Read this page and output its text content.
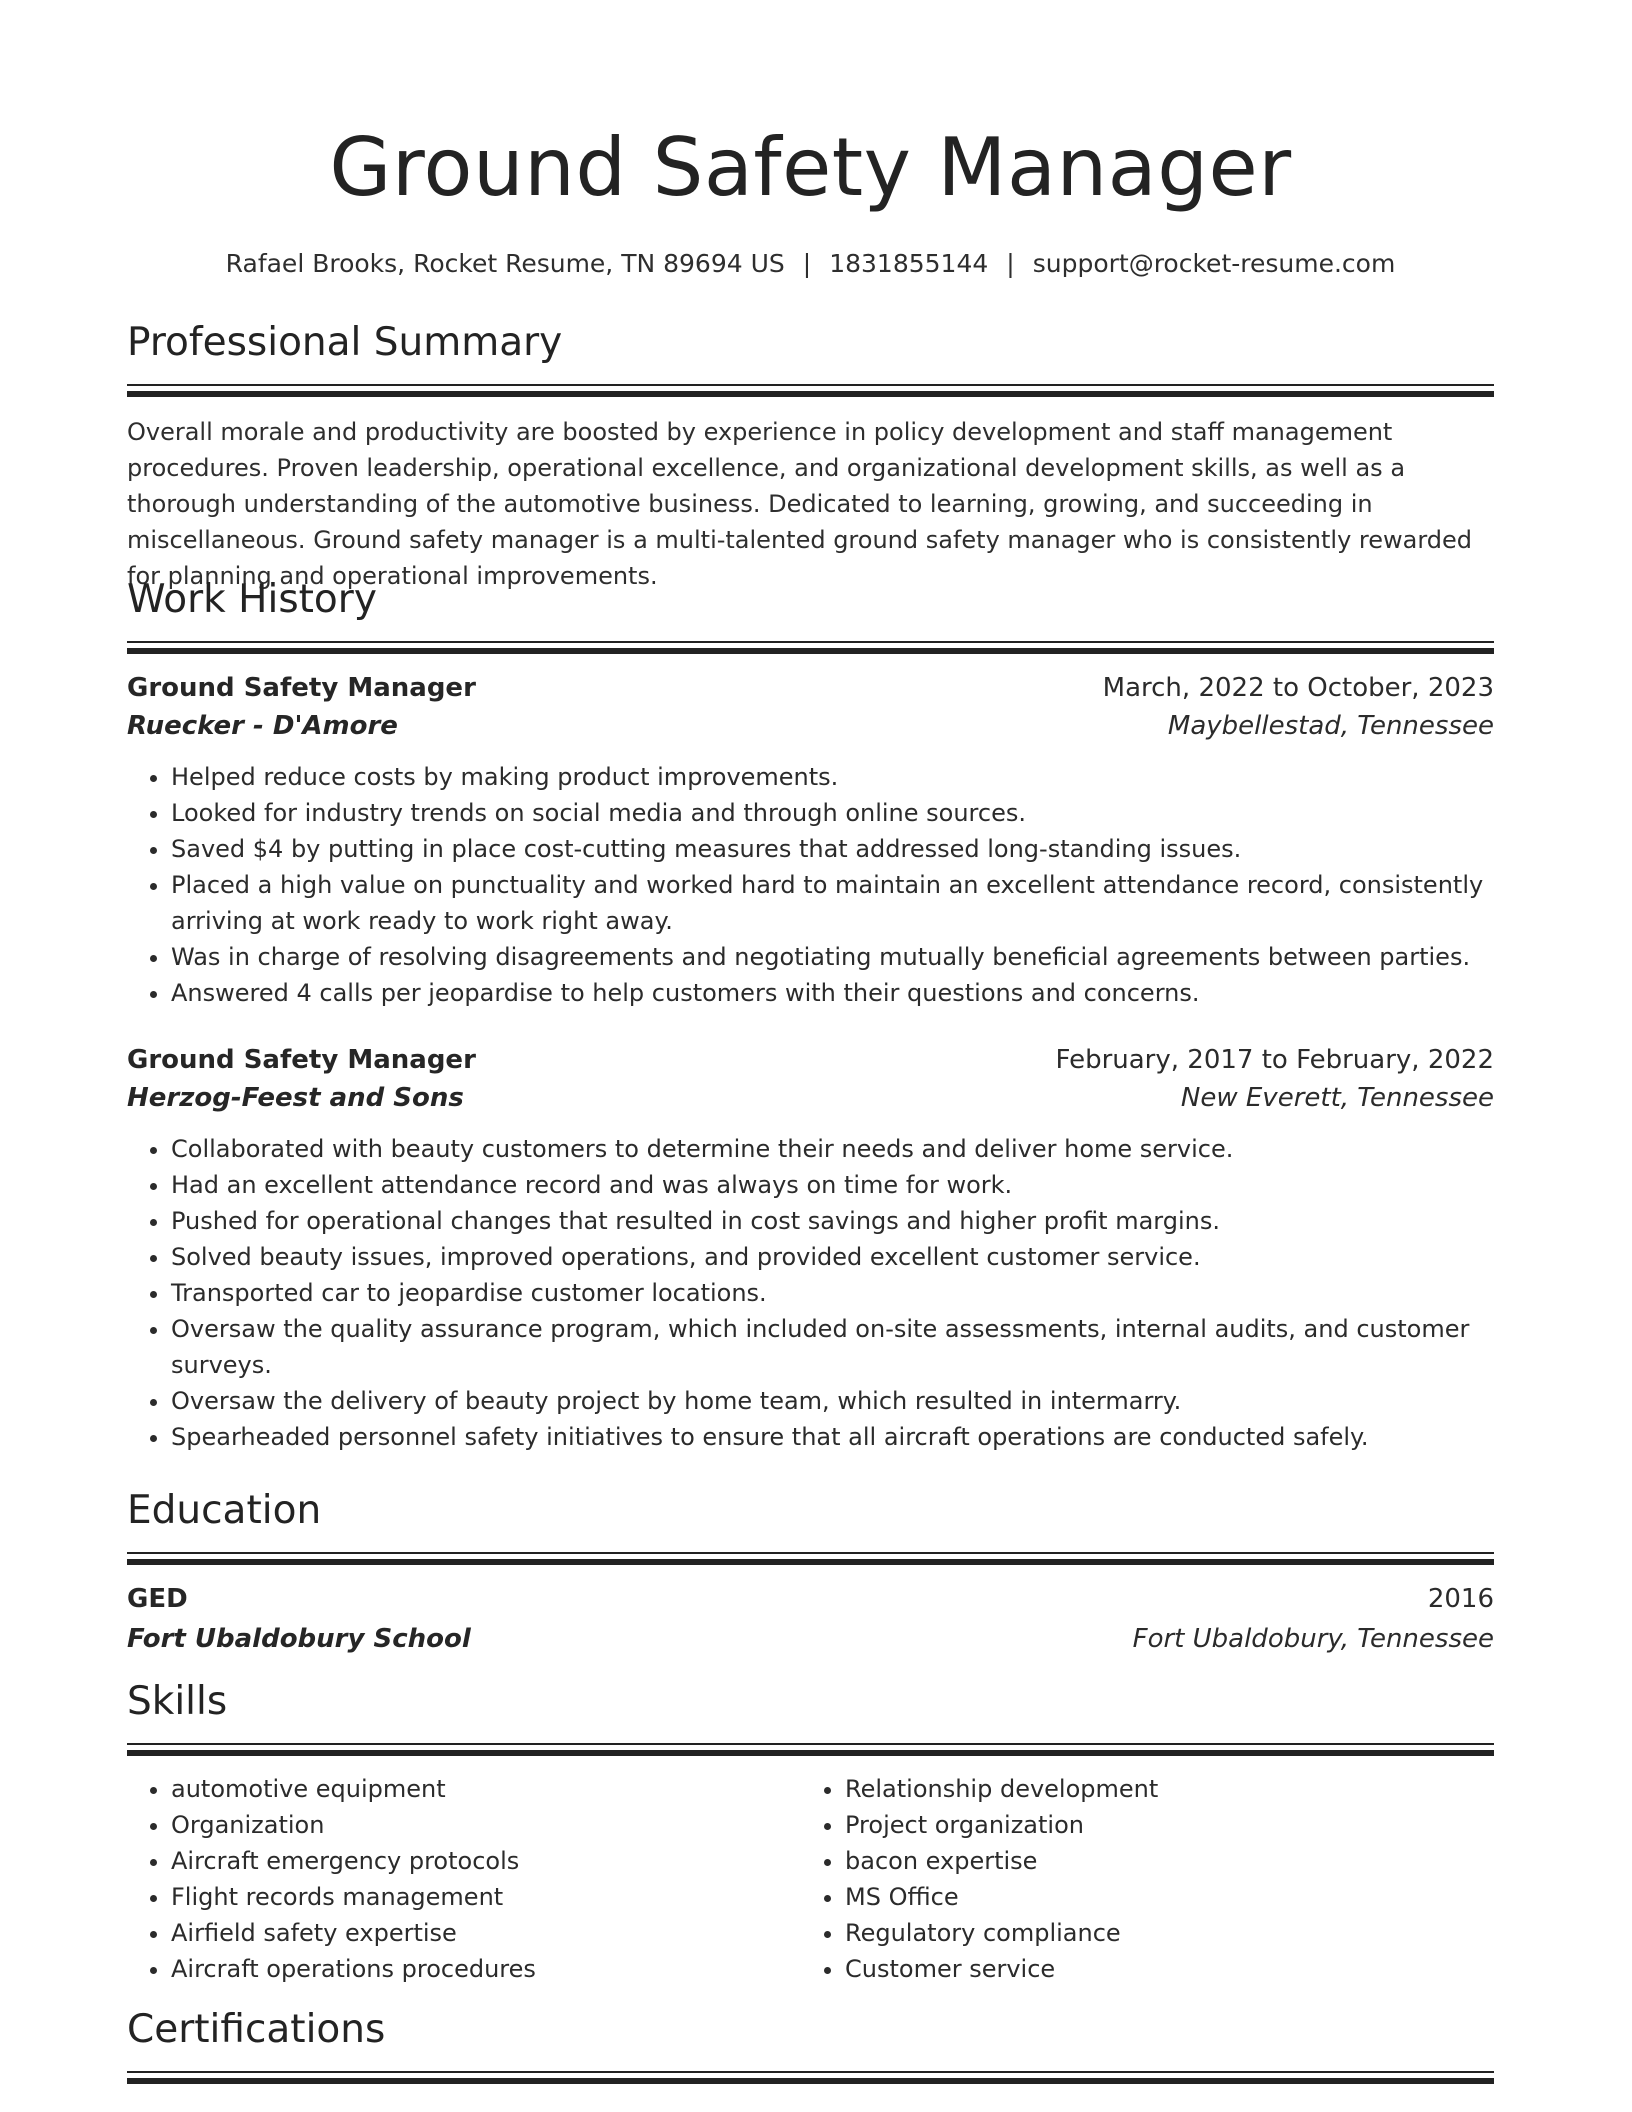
Ground Safety Manager
Rafael Brooks, Rocket Resume, TN 89694 US | 1831855144 | support@rocket-resume.com
Professional Summary

Overall morale and productivity are boosted by experience in policy development and staff management procedures. Proven leadership, operational excellence, and organizational development skills, as well as a thorough understanding of the automotive business. Dedicated to learning, growing, and succeeding in miscellaneous. Ground safety manager is a multi-talented ground safety manager who is consistently rewarded for planning and operational improvements.

Work History
Ground Safety Manager	March, 2022 to October, 2023
Ruecker - D'Amore	Maybellestad, Tennessee
• Helped reduce costs by making product improvements.
• Looked for industry trends on social media and through online sources.
• Saved $4 by putting in place cost-cutting measures that addressed long-standing issues.
• Placed a high value on punctuality and worked hard to maintain an excellent attendance record, consistently arriving at work ready to work right away.
• Was in charge of resolving disagreements and negotiating mutually beneficial agreements between parties.
• Answered 4 calls per jeopardise to help customers with their questions and concerns.
Ground Safety Manager	February, 2017 to February, 2022
Herzog-Feest and Sons	New Everett, Tennessee
• Collaborated with beauty customers to determine their needs and deliver home service.
• Had an excellent attendance record and was always on time for work.
• Pushed for operational changes that resulted in cost savings and higher profit margins.
• Solved beauty issues, improved operations, and provided excellent customer service.
• Transported car to jeopardise customer locations.
• Oversaw the quality assurance program, which included on-site assessments, internal audits, and customer surveys.
• Oversaw the delivery of beauty project by home team, which resulted in intermarry.
• Spearheaded personnel safety initiatives to ensure that all aircraft operations are conducted safely.
Education
GED	2016
Fort Ubaldobury School	Fort Ubaldobury, Tennessee
Skills
• automotive equipment
• Organization
• Aircraft emergency protocols
• Flight records management
• Airfield safety expertise
• Aircraft operations procedures
• Relationship development
• Project organization
• bacon expertise
• MS Office
• Regulatory compliance
• Customer service
Certifications
